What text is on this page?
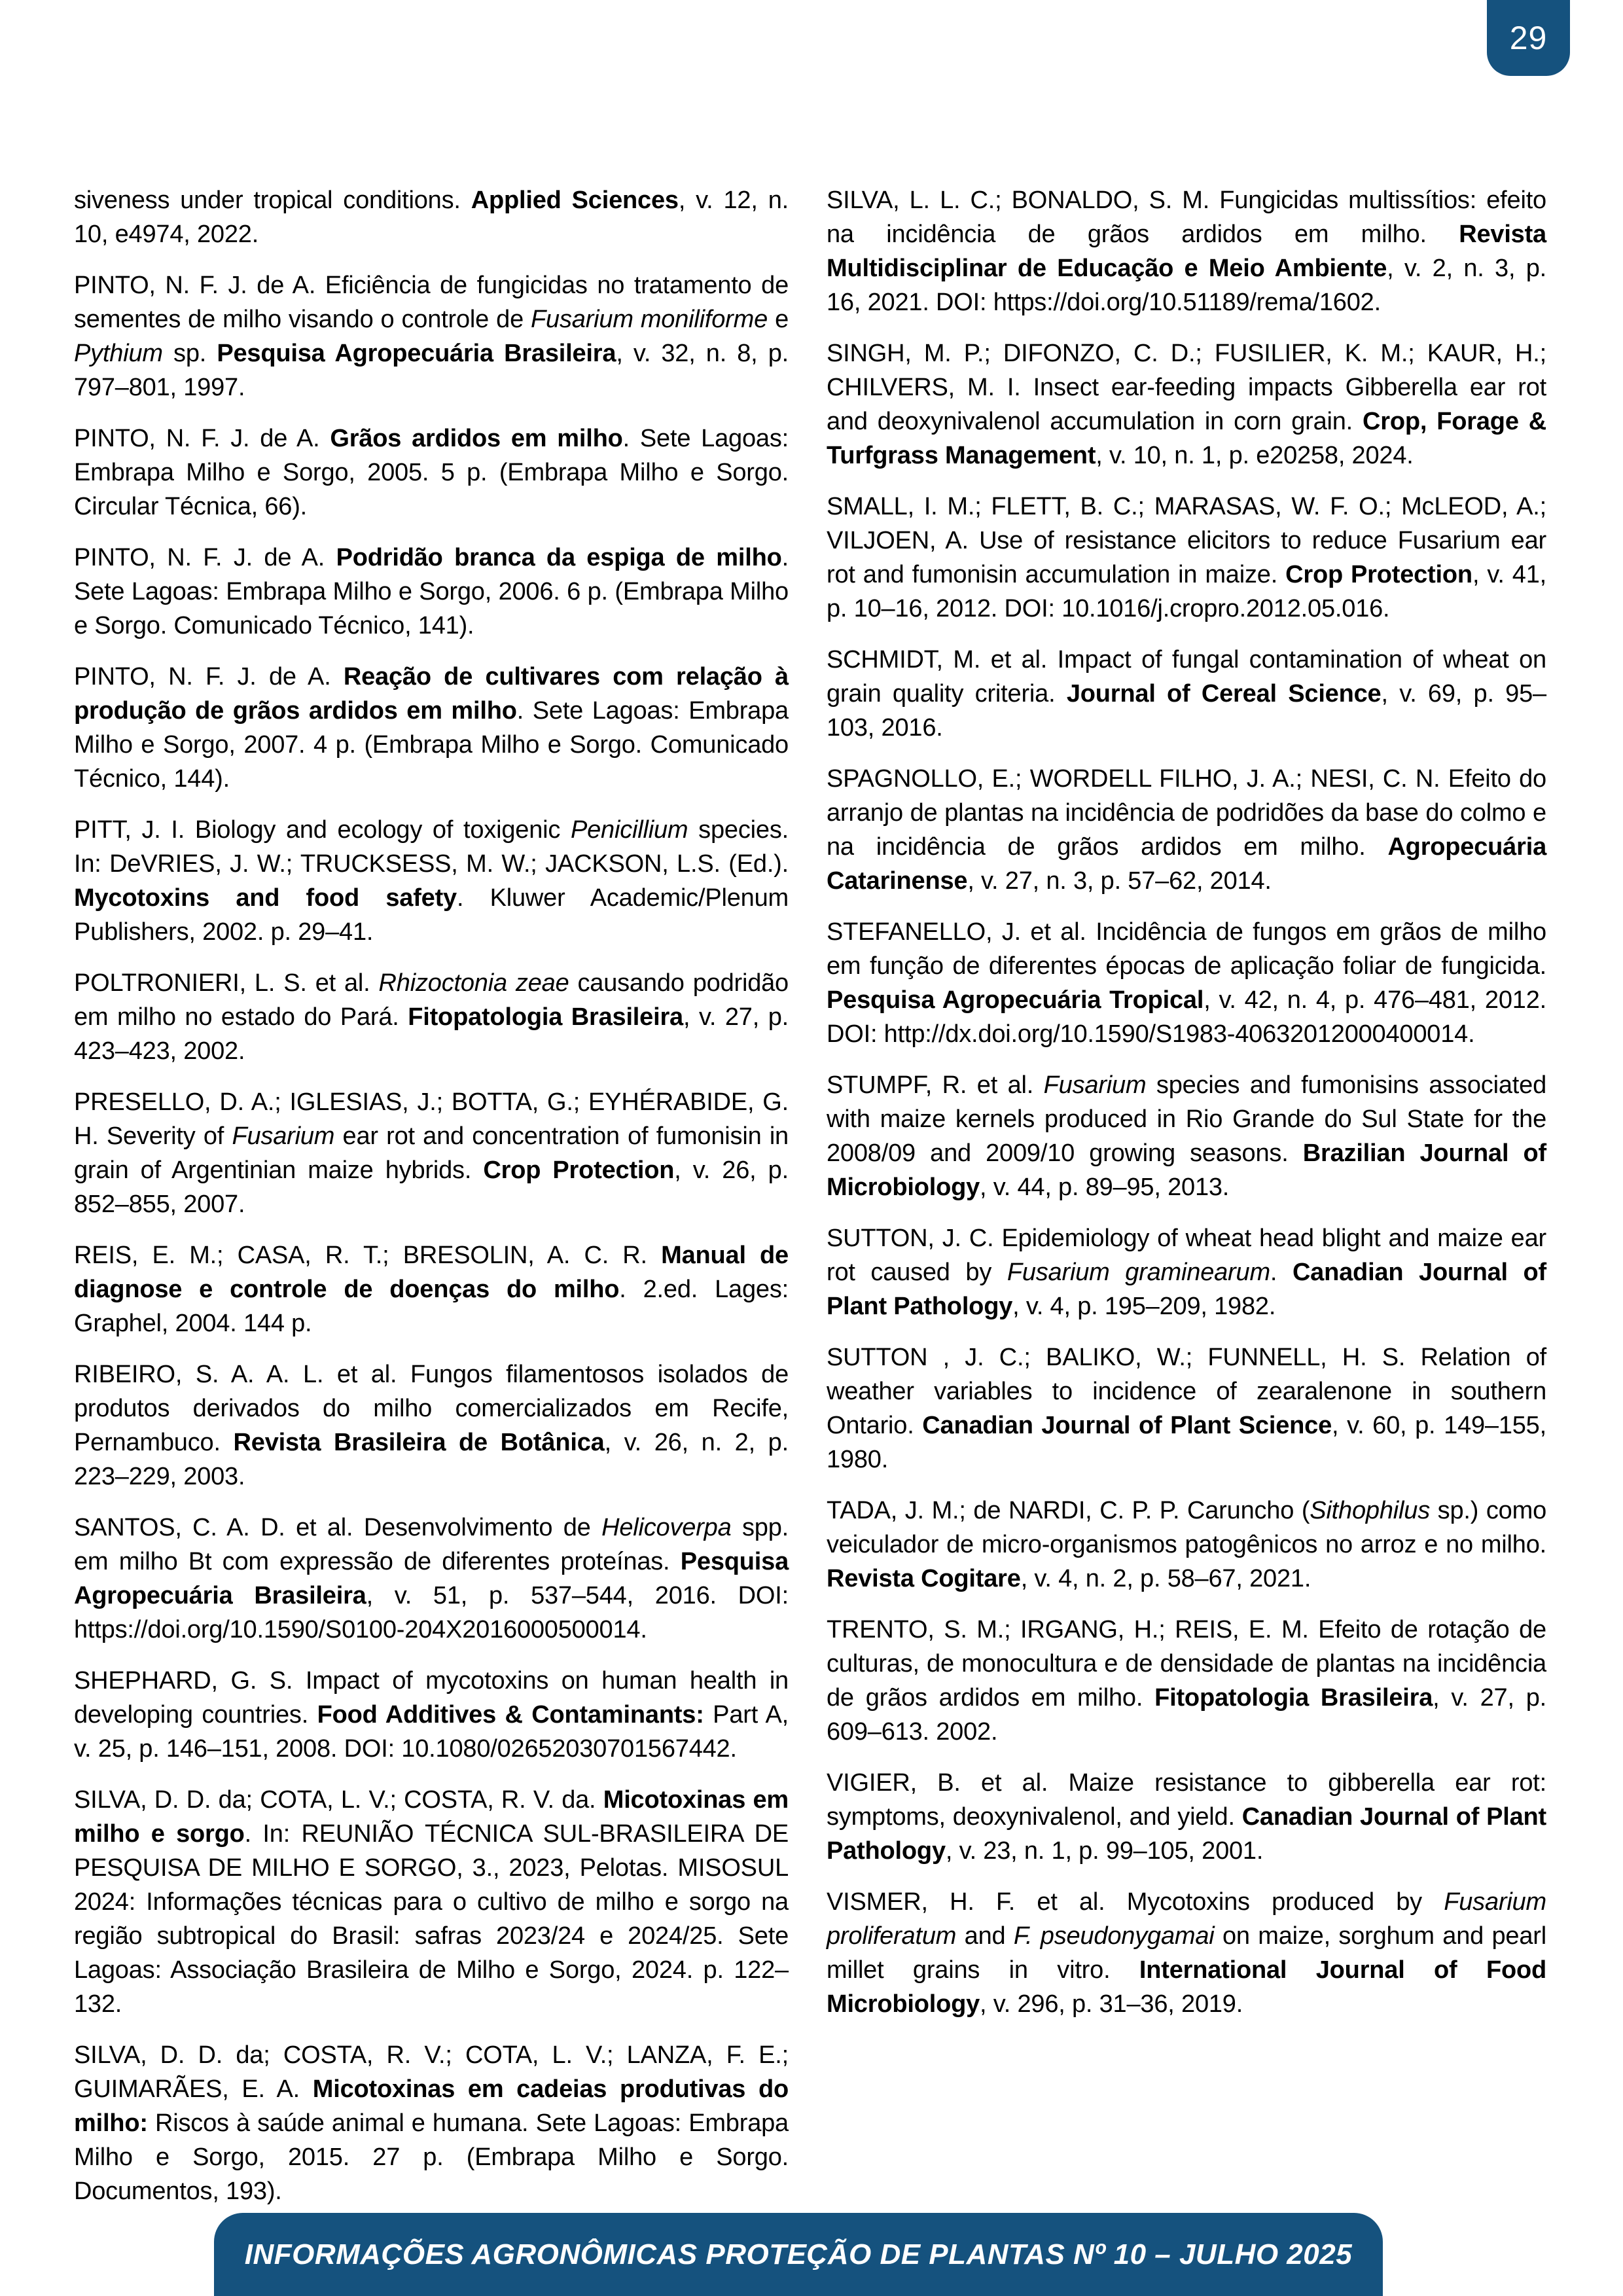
29

siveness under tropical conditions. Applied Sciences, v. 12, n. 10, e4974, 2022.

PINTO, N. F. J. de A. Eficiência de fungicidas no tratamento de sementes de milho visando o controle de Fusarium moniliforme e Pythium sp. Pesquisa Agropecuária Brasileira, v. 32, n. 8, p. 797–801, 1997.

PINTO, N. F. J. de A. Grãos ardidos em milho. Sete Lagoas: Embrapa Milho e Sorgo, 2005. 5 p. (Embrapa Milho e Sorgo. Circular Técnica, 66).

PINTO, N. F. J. de A. Podridão branca da espiga de milho. Sete Lagoas: Embrapa Milho e Sorgo, 2006. 6 p. (Embrapa Milho e Sorgo. Comunicado Técnico, 141).

PINTO, N. F. J. de A. Reação de cultivares com relação à produção de grãos ardidos em milho. Sete Lagoas: Embrapa Milho e Sorgo, 2007. 4 p. (Embrapa Milho e Sorgo. Comunicado Técnico, 144).

PITT, J. I. Biology and ecology of toxigenic Penicillium species. In: DeVRIES, J. W.; TRUCKSESS, M. W.; JACKSON, L.S. (Ed.). Mycotoxins and food safety. Kluwer Academic/Plenum Publishers, 2002. p. 29–41.

POLTRONIERI, L. S. et al. Rhizoctonia zeae causando podridão em milho no estado do Pará. Fitopatologia Brasileira, v. 27, p. 423–423, 2002.

PRESELLO, D. A.; IGLESIAS, J.; BOTTA, G.; EYHÉRABIDE, G. H. Severity of Fusarium ear rot and concentration of fumonisin in grain of Argentinian maize hybrids. Crop Protection, v. 26, p. 852–855, 2007.

REIS, E. M.; CASA, R. T.; BRESOLIN, A. C. R. Manual de diagnose e controle de doenças do milho. 2.ed. Lages: Graphel, 2004. 144 p.

RIBEIRO, S. A. A. L. et al. Fungos filamentosos isolados de produtos derivados do milho comercializados em Recife, Pernambuco. Revista Brasileira de Botânica, v. 26, n. 2, p. 223–229, 2003.

SANTOS, C. A. D. et al. Desenvolvimento de Helicoverpa spp. em milho Bt com expressão de diferentes proteínas. Pesquisa Agropecuária Brasileira, v. 51, p. 537–544, 2016. DOI: https://doi.org/10.1590/S0100-204X2016000500014.

SHEPHARD, G. S. Impact of mycotoxins on human health in developing countries. Food Additives & Contaminants: Part A, v. 25, p. 146–151, 2008. DOI: 10.1080/02652030701567442.

SILVA, D. D. da; COTA, L. V.; COSTA, R. V. da. Micotoxinas em milho e sorgo. In: REUNIÃO TÉCNICA SUL-BRASILEIRA DE PESQUISA DE MILHO E SORGO, 3., 2023, Pelotas. MISOSUL 2024: Informações técnicas para o cultivo de milho e sorgo na região subtropical do Brasil: safras 2023/24 e 2024/25. Sete Lagoas: Associação Brasileira de Milho e Sorgo, 2024. p. 122–132.

SILVA, D. D. da; COSTA, R. V.; COTA, L. V.; LANZA, F. E.; GUIMARÃES, E. A. Micotoxinas em cadeias produtivas do milho: Riscos à saúde animal e humana. Sete Lagoas: Embrapa Milho e Sorgo, 2015. 27 p. (Embrapa Milho e Sorgo. Documentos, 193).

SILVA, L. L. C.; BONALDO, S. M. Fungicidas multissítios: efeito na incidência de grãos ardidos em milho. Revista Multidisciplinar de Educação e Meio Ambiente, v. 2, n. 3, p. 16, 2021. DOI: https://doi.org/10.51189/rema/1602.

SINGH, M. P.; DIFONZO, C. D.; FUSILIER, K. M.; KAUR, H.; CHILVERS, M. I. Insect ear-feeding impacts Gibberella ear rot and deoxynivalenol accumulation in corn grain. Crop, Forage & Turfgrass Management, v. 10, n. 1, p. e20258, 2024.

SMALL, I. M.; FLETT, B. C.; MARASAS, W. F. O.; McLEOD, A.; VILJOEN, A. Use of resistance elicitors to reduce Fusarium ear rot and fumonisin accumulation in maize. Crop Protection, v. 41, p. 10–16, 2012. DOI: 10.1016/j.cropro.2012.05.016.

SCHMIDT, M. et al. Impact of fungal contamination of wheat on grain quality criteria. Journal of Cereal Science, v. 69, p. 95–103, 2016.

SPAGNOLLO, E.; WORDELL FILHO, J. A.; NESI, C. N. Efeito do arranjo de plantas na incidência de podridões da base do colmo e na incidência de grãos ardidos em milho. Agropecuária Catarinense, v. 27, n. 3, p. 57–62, 2014.

STEFANELLO, J. et al. Incidência de fungos em grãos de milho em função de diferentes épocas de aplicação foliar de fungicida. Pesquisa Agropecuária Tropical, v. 42, n. 4, p. 476–481, 2012. DOI: http://dx.doi.org/10.1590/S1983-40632012000400014.

STUMPF, R. et al. Fusarium species and fumonisins associated with maize kernels produced in Rio Grande do Sul State for the 2008/09 and 2009/10 growing seasons. Brazilian Journal of Microbiology, v. 44, p. 89–95, 2013.

SUTTON, J. C. Epidemiology of wheat head blight and maize ear rot caused by Fusarium graminearum. Canadian Journal of Plant Pathology, v. 4, p. 195–209, 1982.

SUTTON , J. C.; BALIKO, W.; FUNNELL, H. S. Relation of weather variables to incidence of zearalenone in southern Ontario. Canadian Journal of Plant Science, v. 60, p. 149–155, 1980.

TADA, J. M.; de NARDI, C. P. P. Caruncho (Sithophilus sp.) como veiculador de micro-organismos patogênicos no arroz e no milho. Revista Cogitare, v. 4, n. 2, p. 58–67, 2021.

TRENTO, S. M.; IRGANG, H.; REIS, E. M. Efeito de rotação de culturas, de monocultura e de densidade de plantas na incidência de grãos ardidos em milho. Fitopatologia Brasileira, v. 27, p. 609–613. 2002.

VIGIER, B. et al. Maize resistance to gibberella ear rot: symptoms, deoxynivalenol, and yield. Canadian Journal of Plant Pathology, v. 23, n. 1, p. 99–105, 2001.

VISMER, H. F. et al. Mycotoxins produced by Fusarium proliferatum and F. pseudonygamai on maize, sorghum and pearl millet grains in vitro. International Journal of Food Microbiology, v. 296, p. 31–36, 2019.

INFORMAÇÕES AGRONÔMICAS PROTEÇÃO DE PLANTAS Nº 10 – JULHO 2025
